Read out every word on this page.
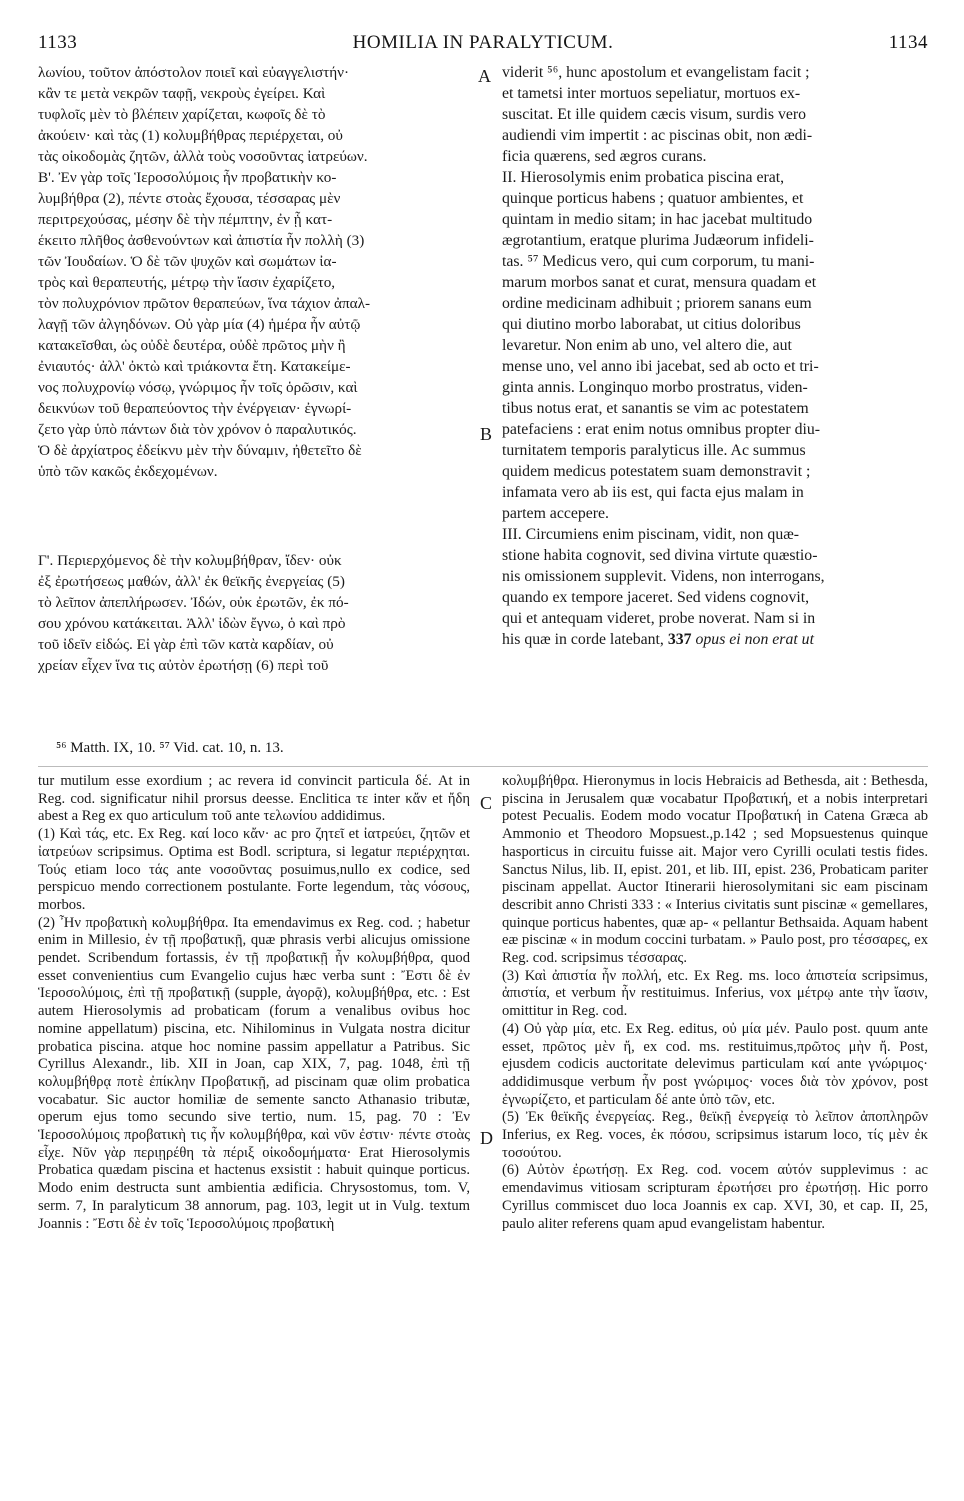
1133	HOMILIA IN PARALYTICUM.	1134
A
B
C
D

λωνίου, τοῦτον ἀπόστολον ποιεῖ καὶ εὐαγγελιστήν·
κἂν τε μετὰ νεκρῶν ταφῇ, νεκροὺς ἐγείρει. Καὶ
τυφλοῖς μὲν τὸ βλέπειν χαρίζεται, κωφοῖς δὲ τὸ
ἀκούειν· καὶ τὰς (1) κολυμβήθρας περιέρχεται, οὐ
τὰς οἰκοδομὰς ζητῶν, ἀλλὰ τοὺς νοσοῦντας ἰατρεύων.

Β'. Ἐν γὰρ τοῖς Ἱεροσολύμοις ἦν προβατικὴν κο-
λυμβήθρα (2), πέντε στοὰς ἔχουσα, τέσσαρας μὲν
περιτρεχούσας, μέσην δὲ τὴν πέμπτην, ἐν ᾗ κατ-
έκειτο πλῆθος ἀσθενούντων καὶ ἀπιστία ἦν πολλὴ (3)
τῶν Ἰουδαίων. Ὁ δὲ τῶν ψυχῶν καὶ σωμάτων ἰα-
τρὸς καὶ θεραπευτής, μέτρῳ τὴν ἴασιν ἐχαρίζετο,
τὸν πολυχρόνιον πρῶτον θεραπεύων, ἵνα τάχιον ἀπαλ-
λαγῇ τῶν ἀλγηδόνων. Οὐ γὰρ μία (4) ἡμέρα ἦν αὐτῷ
κατακεῖσθαι, ὡς οὐδὲ δευτέρα, οὐδὲ πρῶτος μὴν ἢ
ἐνιαυτός· ἀλλ' ὀκτὼ καὶ τριάκοντα ἔτη. Κατακείμε-
νος πολυχρονίῳ νόσῳ, γνώριμος ἦν τοῖς ὁρῶσιν, καὶ
δεικνύων τοῦ θεραπεύοντος τὴν ἐνέργειαν· ἐγνωρί-
ζετο γὰρ ὑπὸ πάντων διὰ τὸν χρόνον ὁ παραλυτικός.
Ὁ δὲ ἀρχίατρος ἐδείκνυ μὲν τὴν δύναμιν, ἠθετεῖτο δὲ
ὑπὸ τῶν κακῶς ἐκδεχομένων.

Γ'. Περιερχόμενος δὲ τὴν κολυμβήθραν, ἴδεν· οὐκ
ἐξ ἐρωτήσεως μαθών, ἀλλ' ἐκ θεϊκῆς ἐνεργείας (5)
τὸ λεῖπον ἀπεπλήρωσεν. Ἰδών, οὐκ ἐρωτῶν, ἐκ πό-
σου χρόνου κατάκειται. Ἀλλ' ἰδὼν ἔγνω, ὁ καὶ πρὸ
τοῦ ἰδεῖν εἰδώς. Εἰ γὰρ ἐπὶ τῶν κατὰ καρδίαν, οὐ
χρείαν εἶχεν ἵνα τις αὐτὸν ἐρωτήσῃ (6) περὶ τοῦ

viderit ⁵⁶, hunc apostolum et evangelistam facit ;
et tametsi inter mortuos sepeliatur, mortuos ex-
suscitat. Et ille quidem cæcis visum, surdis vero
audiendi vim impertit : ac piscinas obit, non ædi-
ficia quærens, sed ægros curans.

II. Hierosolymis enim probatica piscina erat,
quinque porticus habens ; quatuor ambientes, et
quintam in medio sitam; in hac jacebat multitudo
ægrotantium, eratque plurima Judæorum infideli-
tas. ⁵⁷ Medicus vero, qui cum corporum, tu mani-
marum morbos sanat et curat, mensura quadam et
ordine medicinam adhibuit ; priorem sanans eum
qui diutino morbo laborabat, ut citius doloribus
levaretur. Non enim ab uno, vel altero die, aut
mense uno, vel anno ibi jacebat, sed ab octo et tri-
ginta annis. Longinquo morbo prostratus, viden-
tibus notus erat, et sanantis se vim ac potestatem
patefaciens : erat enim notus omnibus propter diu-
turnitatem temporis paralyticus ille. Ac summus
quidem medicus potestatem suam demonstravit ;
infamata vero ab iis est, qui facta ejus malam in
partem accepere.

III. Circumiens enim piscinam, vidit, non quæ-
stione habita cognovit, sed divina virtute quæstio-
nis omissionem supplevit. Videns, non interrogans,
quando ex tempore jaceret. Sed videns cognovit,
qui et antequam videret, probe noverat. Nam si in
his quæ in corde latebant, 337 opus ei non erat ut

⁵⁶ Matth. IX, 10. ⁵⁷ Vid. cat. 10, n. 13.

tur mutilum esse exordium ; ac revera id convincit particula δέ. At in Reg. cod. significatur nihil prorsus deesse. Enclitica τε inter κἄν et ἤδη abest a Reg ex quo articulum τοῦ ante τελωνίου addidimus.

(1) Καὶ τάς, etc. Ex Reg. καί loco κἄν· ac pro ζητεῖ et ἰατρεύει, ζητῶν et ἰατρεύων scripsimus. Optima est Bodl. scriptura, si legatur περιέρχηται. Τούς etiam loco τάς ante νοσοῦντας posuimus,nullo ex codice, sed perspicuo mendo correctionem postulante. Forte legendum, τὰς νόσους, morbos.

(2) Ἦν προβατικὴ κολυμβήθρα. Ita emendavimus ex Reg. cod. ; habetur enim in Millesio, ἐν τῇ προβατικῇ, quæ phrasis verbi alicujus omissione pendet. Scribendum fortassis, ἐν τῇ προβατικῇ ἦν κολυμβήθρα, quod esset convenientius cum Evangelio cujus hæc verba sunt : Ἔστι δὲ ἐν Ἱεροσολύμοις, ἐπὶ τῇ προβατικῇ (supple, ἀγορᾷ), κολυμβήθρα, etc. : Est autem Hierosolymis ad probaticam (forum a venalibus ovibus hoc nomine appellatum) piscina, etc. Nihilominus in Vulgata nostra dicitur probatica piscina. atque hoc nomine passim appellatur a Patribus. Sic Cyrillus Alexandr., lib. XII in Joan, cap XIX, 7, pag. 1048, ἐπὶ τῇ κολυμβήθρᾳ ποτὲ ἐπίκλην Προβατικῇ, ad piscinam quæ olim probatica vocabatur. Sic auctor homiliæ de semente sancto Athanasio tributæ, operum ejus tomo secundo sive tertio, num. 15, pag. 70 : Ἐν Ἱεροσολύμοις προβατικὴ τις ἦν κολυμβήθρα, καὶ νῦν ἐστιν· πέντε στοὰς εἶχε. Νῦν γὰρ περιῃρέθη τὰ πέριξ οἰκοδομήματα· Erat Hierosolymis Probatica quædam piscina et hactenus exsistit : habuit quinque porticus. Modo enim destructa sunt ambientia ædificia. Chrysostomus, tom. V, serm. 7, In paralyticum 38 annorum, pag. 103, legit ut in Vulg. textum Joannis : Ἔστι δὲ ἐν τοῖς Ἱεροσολύμοις προβατικὴ

κολυμβήθρα. Hieronymus in locis Hebraicis ad Bethesda, ait : Bethesda, piscina in Jerusalem quæ vocabatur Προβατική, et a nobis interpretari potest Pecualis. Eodem modo vocatur Προβατική in Catena Græca ab Ammonio et Theodoro Mopsuest.,p.142 ; sed Mopsuestenus quinque hasporticus in circuitu fuisse ait. Major vero Cyrilli oculati testis fides. Sanctus Nilus, lib. II, epist. 201, et lib. III, epist. 236, Probaticam pariter piscinam appellat. Auctor Itinerarii hierosolymitani sic eam piscinam describit anno Christi 333 : « Interius civitatis sunt piscinæ « gemellares, quinque porticus habentes, quæ ap- « pellantur Bethsaida. Aquam habent eæ piscinæ « in modum coccini turbatam. » Paulo post, pro τέσσαρες, ex Reg. cod. scripsimus τέσσαρας.

(3) Καὶ ἀπιστία ἦν πολλή, etc. Ex Reg. ms. loco ἀπιστεία scripsimus, ἀπιστία, et verbum ἦν restituimus. Inferius, vox μέτρῳ ante τὴν ἴασιν, omittitur in Reg. cod.

(4) Οὐ γὰρ μία, etc. Ex Reg. editus, οὐ μία μέν. Paulo post. quum ante esset, πρῶτος μὲν ἤ, ex cod. ms. restituimus,πρῶτος μὴν ἤ. Post, ejusdem codicis auctoritate delevimus particulam καί ante γνώριμος· addidimusque verbum ἦν post γνώριμος· voces διὰ τὸν χρόνον, post ἐγνωρίζετο, et particulam δέ ante ὑπὸ τῶν, etc.

(5) Ἐκ θεϊκῆς ἐνεργείας. Reg., θεϊκῇ ἐνεργείᾳ τὸ λεῖπον ἀποπληρῶν Inferius, ex Reg. voces, ἐκ πόσου, scripsimus istarum loco, τίς μὲν ἐκ τοσούτου.

(6) Αὐτὸν ἐρωτήσῃ. Ex Reg. cod. vocem αὐτόν supplevimus : ac emendavimus vitiosam scripturam ἐρωτήσει pro ἐρωτήσῃ. Hic porro Cyrillus commiscet duo loca Joannis ex cap. XVI, 30, et cap. II, 25, paulo aliter referens quam apud evangelistam habentur.
